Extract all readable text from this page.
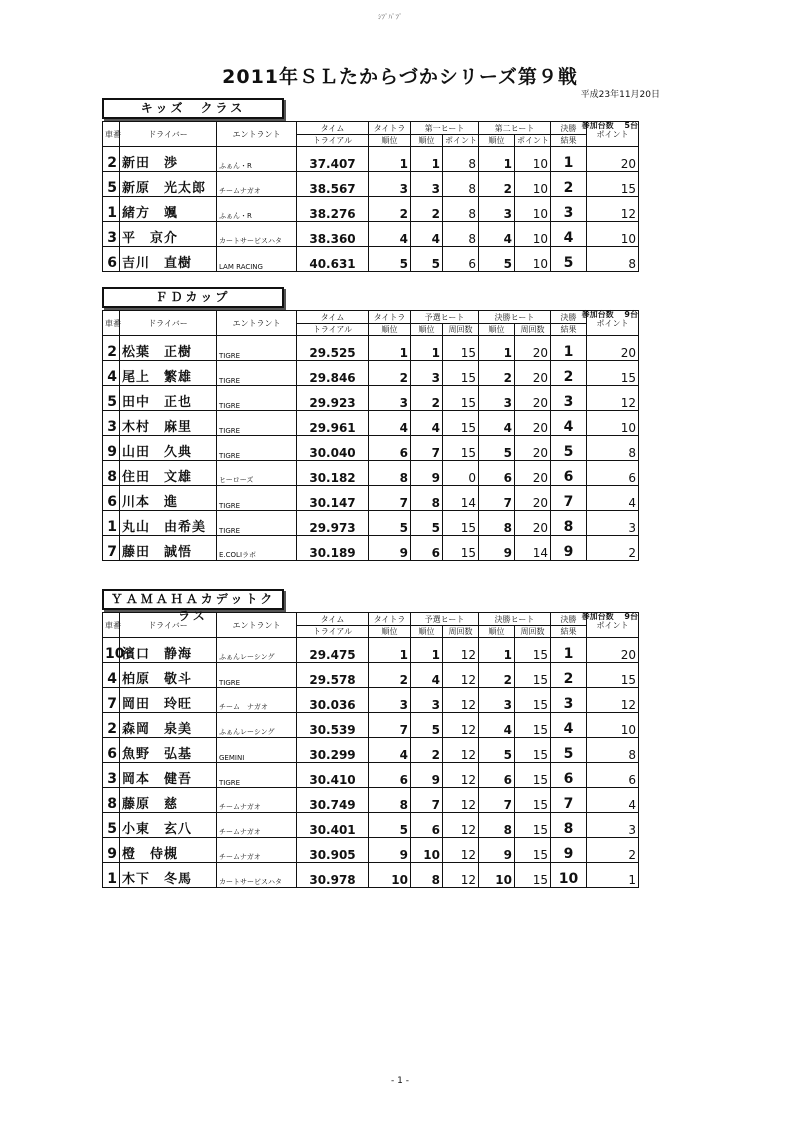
ｼﾌﾟﾊﾟﾌﾟ
2011年ＳＬたからづかシリーズ第９戦
平成23年11月20日
キッズ　クラス
参加台数　 5台
車番	ドライバー	エントラント	タイム	タイトラ	第一ヒート		第二ヒート		決勝	ポイント
			トライアル	順位	順位	ポイント	順位	ポイント	結果	
2	新田　渉	ふぁん・R	37.407	1	1	8	1	10	1	20
5	新原　光太郎	チームナガオ	38.567	3	3	8	2	10	2	15
1	緒方　颯	ふぁん・R	38.276	2	2	8	3	10	3	12
3	平　京介	カートサービスハタ	38.360	4	4	8	4	10	4	10
6	吉川　直樹	LAM RACING	40.631	5	5	6	5	10	5	8
ＦＤカップ
参加台数　 9台
車番	ドライバー	エントラント	タイム	タイトラ	予選ヒート		決勝ヒート		決勝	ポイント
			トライアル	順位	順位	周回数	順位	周回数	結果	
2	松葉　正樹	TIGRE	29.525	1	1	15	1	20	1	20
4	尾上　繁雄	TIGRE	29.846	2	3	15	2	20	2	15
5	田中　正也	TIGRE	29.923	3	2	15	3	20	3	12
3	木村　麻里	TIGRE	29.961	4	4	15	4	20	4	10
9	山田　久典	TIGRE	30.040	6	7	15	5	20	5	8
8	住田　文雄	ヒーローズ	30.182	8	9	0	6	20	6	6
6	川本　進	TIGRE	30.147	7	8	14	7	20	7	4
1	丸山　由希美	TIGRE	29.973	5	5	15	8	20	8	3
7	藤田　誠悟	E.COLIラボ	30.189	9	6	15	9	14	9	2
ＹＡＭＡＨＡカデットクラス	参加台数　 9台
車番	ドライバー	エントラント	タイム	タイトラ	予選ヒート		決勝ヒート		決勝	ポイント
			トライアル	順位	順位	周回数	順位	周回数	結果	
10	濱口　静海	ふぁんレーシング	29.475	1	1	12	1	15	1	20
4	柏原　敬斗	TIGRE	29.578	2	4	12	2	15	2	15
7	岡田　玲旺	チーム　ナガオ	30.036	3	3	12	3	15	3	12
2	森岡　泉美	ふぁんレーシング	30.539	7	5	12	4	15	4	10
6	魚野　弘基	GEMINI	30.299	4	2	12	5	15	5	8
3	岡本　健吾	TIGRE	30.410	6	9	12	6	15	6	6
8	藤原　慈	チームナガオ	30.749	8	7	12	7	15	7	4
5	小東　玄八	チームナガオ	30.401	5	6	12	8	15	8	3
9	橙　侍槻	チームナガオ	30.905	9	10	12	9	15	9	2
1	木下　冬馬	カートサービスハタ	30.978	10	8	12	10	15	10	1
- 1 -
